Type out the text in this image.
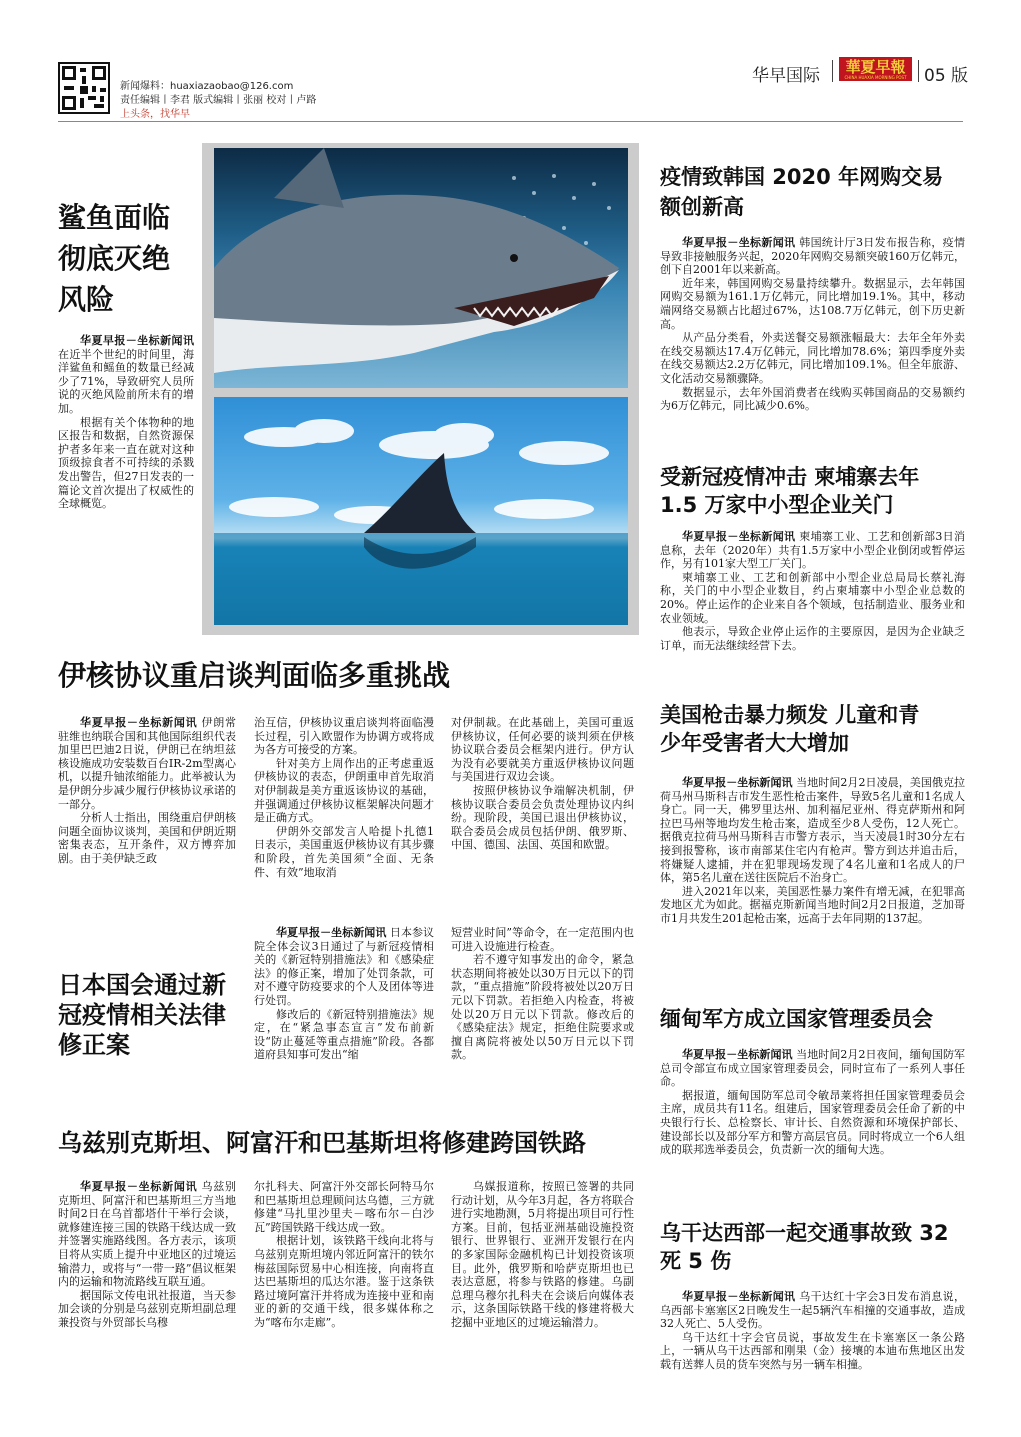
新闻爆料：huaxiazaobao@126.com
责任编辑丨李君 版式编辑丨张丽 校对丨卢路
上头条，找华早
华早国际	華夏早報
CHINA HUAXIA MORNING POST	05 版
鲨鱼面临
彻底灭绝
风险

华夏早报－坐标新闻讯 在近半个世纪的时间里，海洋鲨鱼和鳐鱼的数量已经减少了71%，导致研究人员所说的灭绝风险前所未有的增加。

根据有关个体物种的地区报告和数据，自然资源保护者多年来一直在就对这种顶级掠食者不可持续的杀戮发出警告，但27日发表的一篇论文首次提出了权威性的全球概览。

伊核协议重启谈判面临多重挑战

华夏早报－坐标新闻讯 伊朗常驻维也纳联合国和其他国际组织代表加里巴巴迪2日说，伊朗已在纳坦兹核设施成功安装数百台IR-2m型离心机，以提升铀浓缩能力。此举被认为是伊朗分步减少履行伊核协议承诺的一部分。

分析人士指出，围绕重启伊朗核问题全面协议谈判，美国和伊朗近期密集表态，互开条件，双方博弈加剧。由于美伊缺乏政

治互信，伊核协议重启谈判将面临漫长过程，引入欧盟作为协调方或将成为各方可接受的方案。

针对美方上周作出的正考虑重返伊核协议的表态，伊朗重申首先取消对伊制裁是美方重返该协议的基础，并强调通过伊核协议框架解决问题才是正确方式。

伊朗外交部发言人哈提卜扎德1日表示，美国重返伊核协议有其步骤和阶段，首先美国须“全面、无条件、有效”地取消

对伊制裁。在此基础上，美国可重返伊核协议，任何必要的谈判须在伊核协议联合委员会框架内进行。伊方认为没有必要就美方重返伊核协议问题与美国进行双边会谈。

按照伊核协议争端解决机制，伊核协议联合委员会负责处理协议内纠纷。现阶段，美国已退出伊核协议，联合委员会成员包括伊朗、俄罗斯、中国、德国、法国、英国和欧盟。

日本国会通过新
冠疫情相关法律
修正案

华夏早报－坐标新闻讯 日本参议院全体会议3日通过了与新冠疫情相关的《新冠特别措施法》和《感染症法》的修正案，增加了处罚条款，可对不遵守防疫要求的个人及团体等进行处罚。

修改后的《新冠特别措施法》规定，在“紧急事态宣言”发布前新设“防止蔓延等重点措施”阶段。各都道府县知事可发出“缩

短营业时间”等命令，在一定范围内也可进入设施进行检查。

若不遵守知事发出的命令，紧急状态期间将被处以30万日元以下的罚款，“重点措施”阶段将被处以20万日元以下罚款。若拒绝入内检查，将被处以20万日元以下罚款。修改后的《感染症法》规定，拒绝住院要求或擅自离院将被处以50万日元以下罚款。

乌兹别克斯坦、阿富汗和巴基斯坦将修建跨国铁路

华夏早报－坐标新闻讯 乌兹别克斯坦、阿富汗和巴基斯坦三方当地时间2日在乌首都塔什干举行会谈，就修建连接三国的铁路干线达成一致并签署实施路线图。各方表示，该项目将从实质上提升中亚地区的过境运输潜力，或将与“一带一路”倡议框架内的运输和物流路线互联互通。

据国际文传电讯社报道，当天参加会谈的分别是乌兹别克斯坦副总理兼投资与外贸部长乌穆

尔扎科夫、阿富汗外交部长阿特马尔和巴基斯坦总理顾问达乌德，三方就修建“马扎里沙里夫－喀布尔－白沙瓦”跨国铁路干线达成一致。

根据计划，该铁路干线向北将与乌兹别克斯坦境内邻近阿富汗的铁尔梅兹国际贸易中心相连接，向南将直达巴基斯坦的瓜达尔港。鉴于这条铁路过境阿富汗并将成为连接中亚和南亚的新的交通干线，很多媒体称之为“喀布尔走廊”。

乌媒报道称，按照已签署的共同行动计划，从今年3月起，各方将联合进行实地勘测，5月将提出项目可行性方案。目前，包括亚洲基础设施投资银行、世界银行、亚洲开发银行在内的多家国际金融机构已计划投资该项目。此外，俄罗斯和哈萨克斯坦也已表达意愿，将参与铁路的修建。乌副总理乌穆尔扎科夫在会谈后向媒体表示，这条国际铁路干线的修建将极大挖掘中亚地区的过境运输潜力。

疫情致韩国 2020 年网购交易
额创新高

华夏早报－坐标新闻讯 韩国统计厅3日发布报告称，疫情导致非接触服务兴起，2020年网购交易额突破160万亿韩元，创下自2001年以来新高。

近年来，韩国网购交易量持续攀升。数据显示，去年韩国网购交易额为161.1万亿韩元，同比增加19.1%。其中，移动端网络交易额占比超过67%，达108.7万亿韩元，创下历史新高。

从产品分类看，外卖送餐交易额涨幅最大：去年全年外卖在线交易额达17.4万亿韩元，同比增加78.6%；第四季度外卖在线交易额达2.2万亿韩元，同比增加109.1%。但全年旅游、文化活动交易额骤降。

数据显示，去年外国消费者在线购买韩国商品的交易额约为6万亿韩元，同比减少0.6%。

受新冠疫情冲击 柬埔寨去年
1.5 万家中小型企业关门

华夏早报－坐标新闻讯 柬埔寨工业、工艺和创新部3日消息称，去年（2020年）共有1.5万家中小型企业倒闭或暂停运作，另有101家大型工厂关门。

柬埔寨工业、工艺和创新部中小型企业总局局长蔡礼海称，关门的中小型企业数目，约占柬埔寨中小型企业总数的20%。停止运作的企业来自各个领域，包括制造业、服务业和农业领域。

他表示，导致企业停止运作的主要原因，是因为企业缺乏订单，而无法继续经营下去。

美国枪击暴力频发 儿童和青
少年受害者大大增加

华夏早报－坐标新闻讯 当地时间2月2日凌晨，美国俄克拉荷马州马斯科吉市发生恶性枪击案件，导致5名儿童和1名成人身亡。同一天，佛罗里达州、加利福尼亚州、得克萨斯州和阿拉巴马州等地均发生枪击案，造成至少8人受伤，12人死亡。据俄克拉荷马州马斯科吉市警方表示，当天凌晨1时30分左右接到报警称，该市南部某住宅内有枪声。警方到达并追击后，将嫌疑人逮捕，并在犯罪现场发现了4名儿童和1名成人的尸体，第5名儿童在送往医院后不治身亡。

进入2021年以来，美国恶性暴力案件有增无减，在犯罪高发地区尤为如此。据福克斯新闻当地时间2月2日报道，芝加哥市1月共发生201起枪击案，远高于去年同期的137起。

缅甸军方成立国家管理委员会

华夏早报－坐标新闻讯 当地时间2月2日夜间，缅甸国防军总司令部宣布成立国家管理委员会，同时宣布了一系列人事任命。

据报道，缅甸国防军总司令敏昂莱将担任国家管理委员会主席，成员共有11名。组建后，国家管理委员会任命了新的中央银行行长、总检察长、审计长、自然资源和环境保护部长、建设部长以及部分军方和警方高层官员。同时将成立一个6人组成的联邦选举委员会，负责新一次的缅甸大选。

乌干达西部一起交通事故致 32
死 5 伤

华夏早报－坐标新闻讯 乌干达红十字会3日发布消息说，乌西部卡塞塞区2日晚发生一起5辆汽车相撞的交通事故，造成32人死亡、5人受伤。

乌干达红十字会官员说，事故发生在卡塞塞区一条公路上，一辆从乌干达西部和刚果（金）接壤的本迪布焦地区出发载有送葬人员的货车突然与另一辆车相撞。
